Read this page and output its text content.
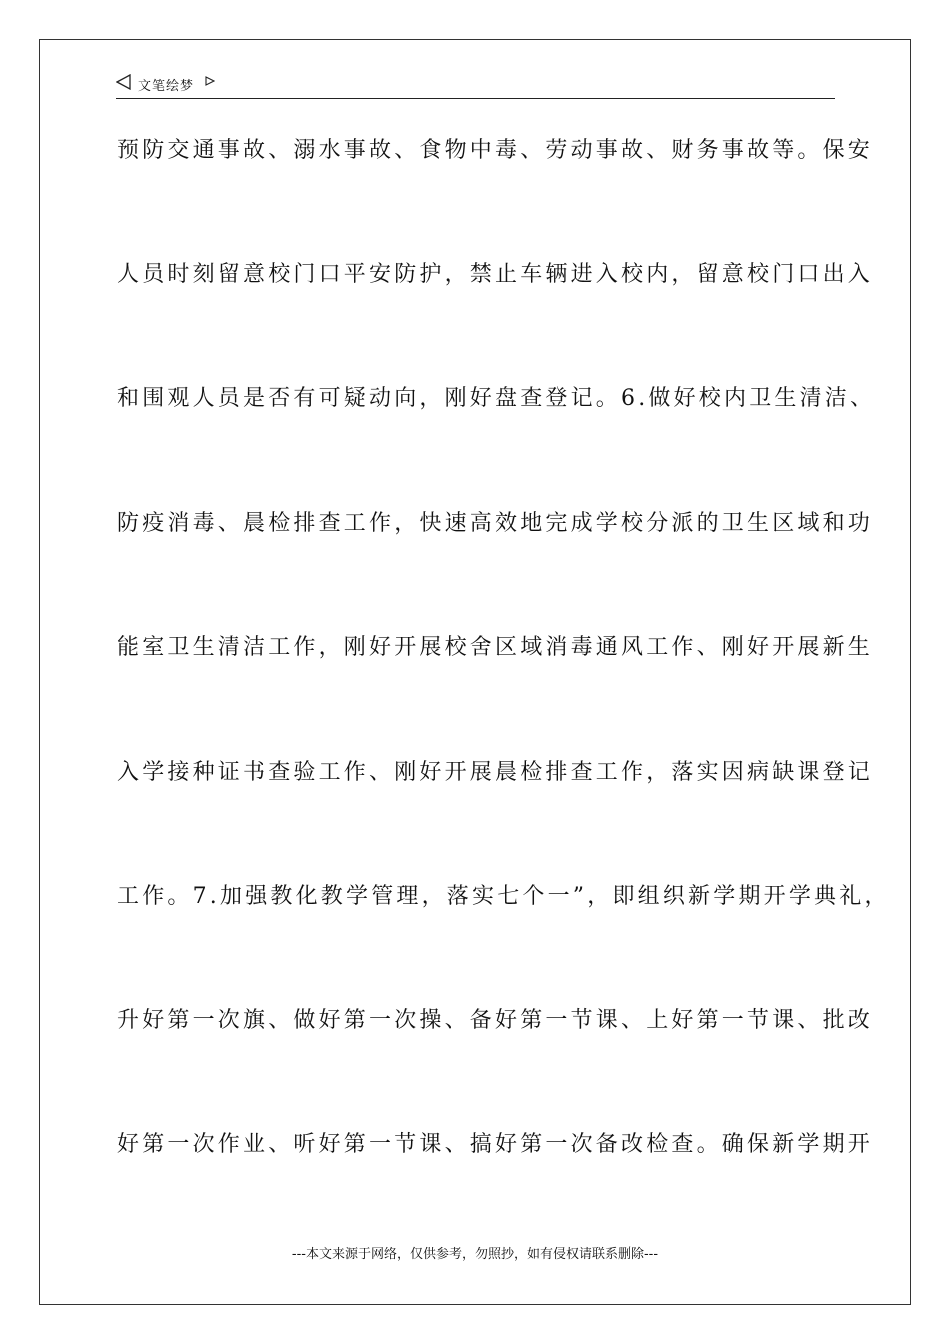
文笔绘梦
预防交通事故、溺水事故、食物中毒、劳动事故、财务事故等。保安
人员时刻留意校门口平安防护，禁止车辆进入校内，留意校门口出入
和围观人员是否有可疑动向，刚好盘查登记。6.做好校内卫生清洁、
防疫消毒、晨检排查工作，快速高效地完成学校分派的卫生区域和功
能室卫生清洁工作，刚好开展校舍区域消毒通风工作、刚好开展新生
入学接种证书查验工作、刚好开展晨检排查工作，落实因病缺课登记
工作。7.加强教化教学管理，落实七个一”，即组织新学期开学典礼，
升好第一次旗、做好第一次操、备好第一节课、上好第一节课、批改
好第一次作业、听好第一节课、搞好第一次备改检查。确保新学期开
---本文来源于网络，仅供参考，勿照抄，如有侵权请联系删除---
